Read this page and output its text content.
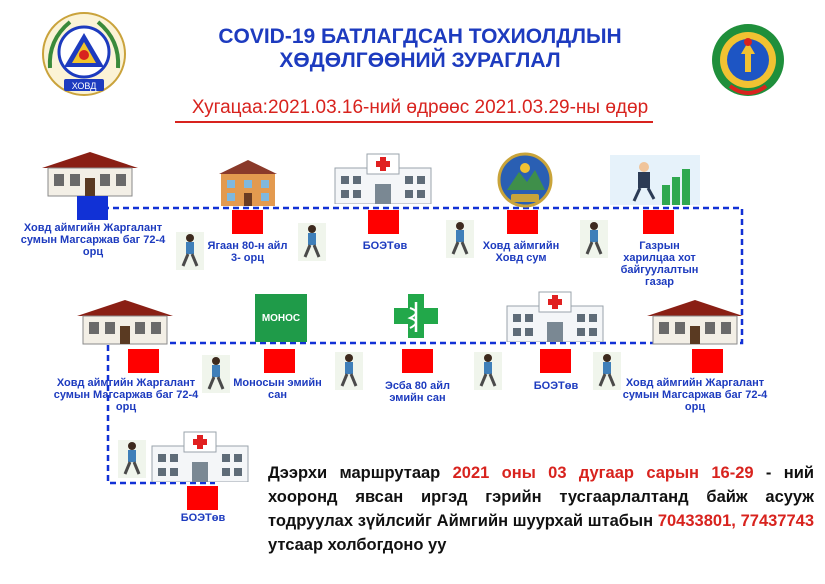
ХОВД
COVID-19 БАТЛАГДСАН ТОХИОЛДЛЫН
ХӨДӨЛГӨӨНИЙ ЗУРАГЛАЛ
Хугацаа:2021.03.16-ний өдрөөс 2021.03.29-ны өдөр
МОНОС
Ховд аймгийн Жаргалант сумын Магсаржав баг 72-4 орц	Ягаан 80-н айл 3- орц
БОЭТөв	Ховд аймгийн Ховд сум
Газрын харилцаа хот байгуулалтын газар
Ховд аймгийн Жаргалант сумын Магсаржав баг 72-4 орц
БОЭТөв
Эсба 80 айл эмийн сан
Моносын эмийн сан
Ховд аймгийн Жаргалант сумын Магсаржав баг 72-4 орц
БОЭТөв
Дээрхи маршрутаар 2021 оны 03 дугаар сарын 16-29 - ний хооронд явсан иргэд гэрийн тусгаарлалтанд байж асууж тодруулах зүйлсийг Аймгийн шуурхай штабын 70433801, 77437743 утсаар холбогдоно уу
